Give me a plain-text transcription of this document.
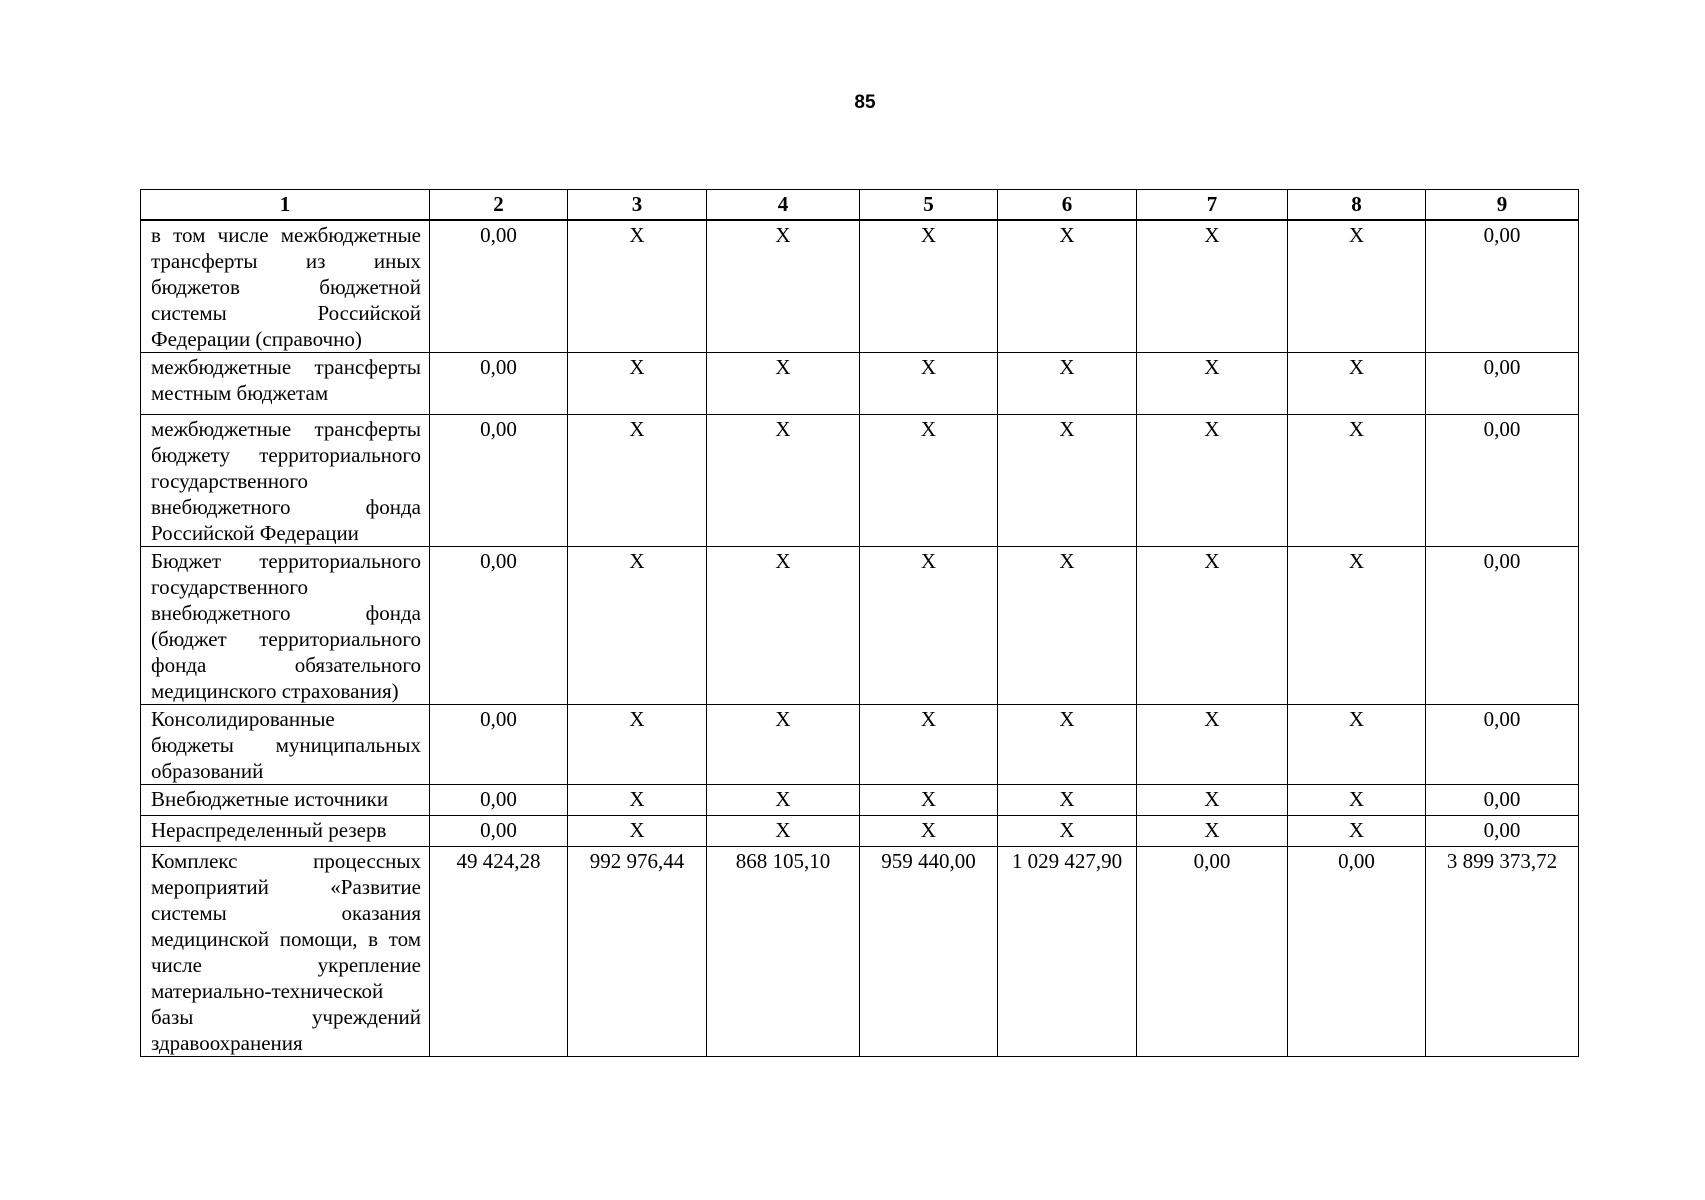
85
1	2	3	4	5	6	7	8	9
в том числе межбюджетные трансферты из иных бюджетов бюджетной системы Российской Федерации (справочно)	0,00	X	X	X	X	X	X	0,00
межбюджетные трансферты местным бюджетам	0,00	X	X	X	X	X	X	0,00
межбюджетные трансферты бюджету территориального государственного внебюджетного фонда Российской Федерации	0,00	X	X	X	X	X	X	0,00
Бюджет территориального государственного внебюджетного фонда (бюджет территориального фонда обязательного медицинского страхования)	0,00	X	X	X	X	X	X	0,00
Консолидированные бюджеты муниципальных образований	0,00	X	X	X	X	X	X	0,00
Внебюджетные источники	0,00	X	X	X	X	X	X	0,00
Нераспределенный резерв	0,00	X	X	X	X	X	X	0,00
Комплекс процессных мероприятий «Развитие системы оказания медицинской помощи, в том числе укрепление материально-технической базы учреждений здравоохранения	49 424,28	992 976,44	868 105,10	959 440,00	1 029 427,90	0,00	0,00	3 899 373,72
